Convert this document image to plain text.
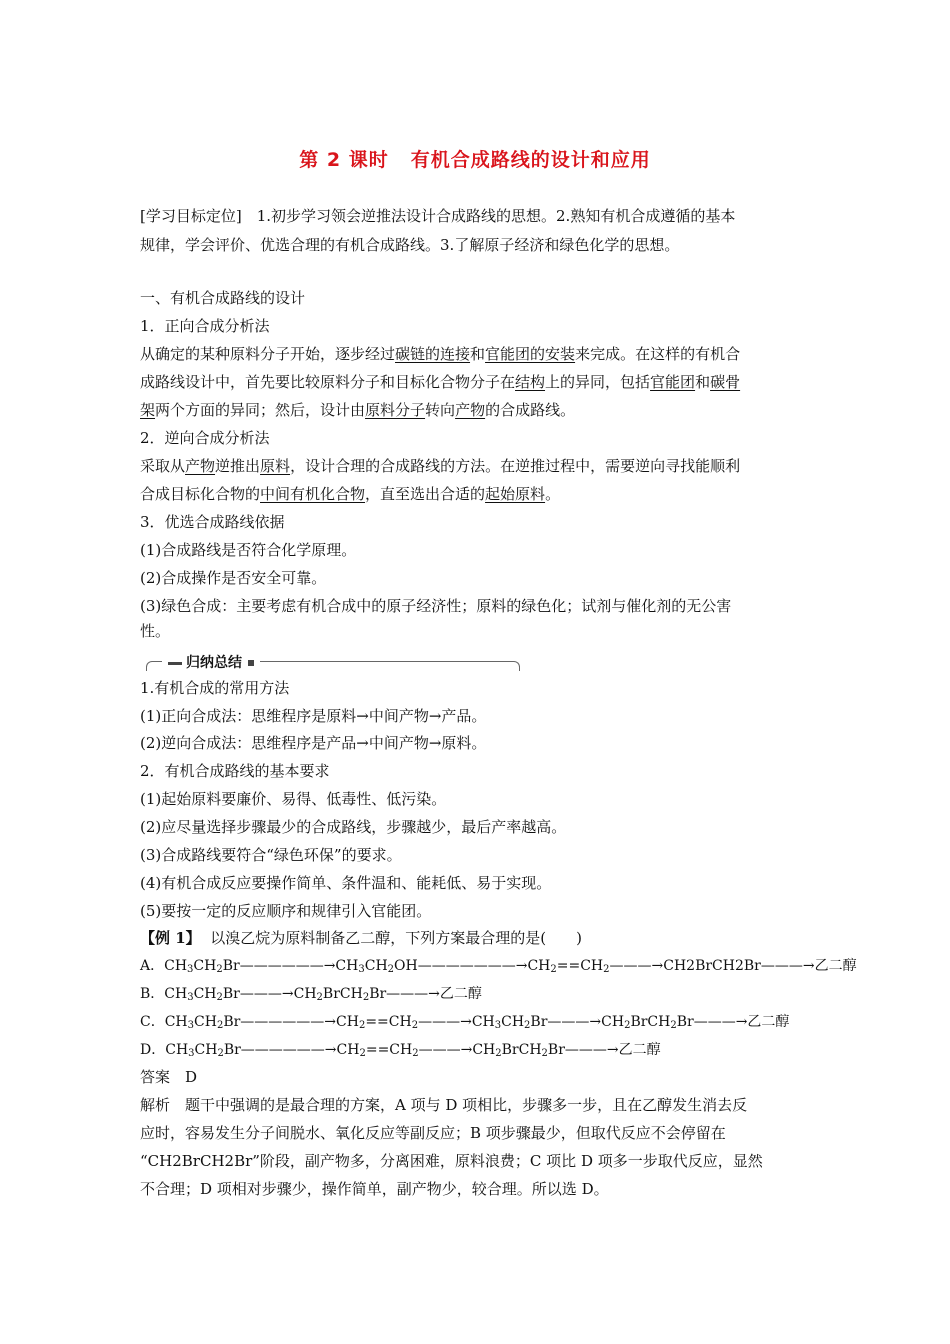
第 2 课时 有机合成路线的设计和应用
[学习目标定位]　1.初步学习领会逆推法设计合成路线的思想。2.熟知有机合成遵循的基本
规律，学会评价、优选合理的有机合成路线。3.了解原子经济和绿色化学的思想。
一、有机合成路线的设计
1．正向合成分析法
从确定的某种原料分子开始，逐步经过碳链的连接和官能团的安装来完成。在这样的有机合
成路线设计中，首先要比较原料分子和目标化合物分子在结构上的异同，包括官能团和碳骨
架两个方面的异同；然后，设计由原料分子转向产物的合成路线。
2．逆向合成分析法
采取从产物逆推出原料，设计合理的合成路线的方法。在逆推过程中，需要逆向寻找能顺利
合成目标化合物的中间有机化合物，直至选出合适的起始原料。
3．优选合成路线依据
(1)合成路线是否符合化学原理。
(2)合成操作是否安全可靠。
(3)绿色合成：主要考虑有机合成中的原子经济性；原料的绿色化；试剂与催化剂的无公害
性。
归纳总结
1.有机合成的常用方法
(1)正向合成法：思维程序是原料→中间产物→产品。
(2)逆向合成法：思维程序是产品→中间产物→原料。
2．有机合成路线的基本要求
(1)起始原料要廉价、易得、低毒性、低污染。
(2)应尽量选择步骤最少的合成路线，步骤越少，最后产率越高。
(3)合成路线要符合“绿色环保”的要求。
(4)有机合成反应要操作简单、条件温和、能耗低、易于实现。
(5)要按一定的反应顺序和规律引入官能团。
【例 1】 以溴乙烷为原料制备乙二醇，下列方案最合理的是(　　)
A．$CH_3CH_2Br——————\to CH_3CH_2OH———————\to CH_2==CH_2———\to CH2BrCH2Br———\to$乙二醇
B．$CH_3CH_2Br———\to CH_2BrCH_2Br———\to$乙二醇
C．$CH_3CH_2Br——————\to CH_2==CH_2———\to CH_3CH_2Br———\to CH_2BrCH_2Br———\to$乙二醇
D．$CH_3CH_2Br——————\to CH_2==CH_2———\to CH_2BrCH_2Br———\to$乙二醇
答案　D
解析　题干中强调的是最合理的方案，A 项与 D 项相比，步骤多一步，且在乙醇发生消去反
应时，容易发生分子间脱水、氧化反应等副反应；B 项步骤最少，但取代反应不会停留在
“CH2BrCH2Br”阶段，副产物多，分离困难，原料浪费；C 项比 D 项多一步取代反应，显然
不合理；D 项相对步骤少，操作简单，副产物少，较合理。所以选 D。
